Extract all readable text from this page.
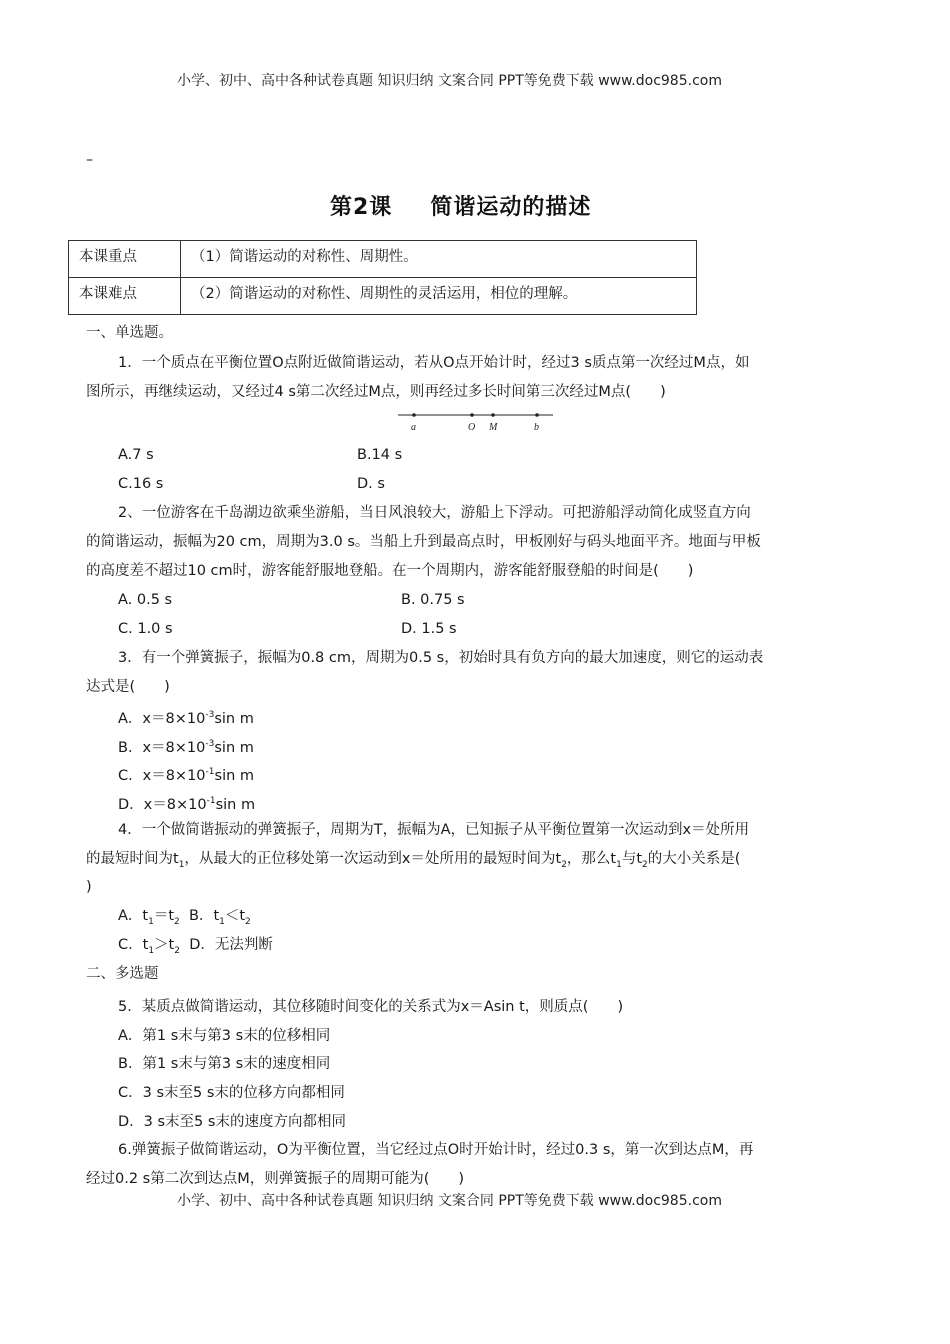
小学、初中、高中各种试卷真题 知识归纳 文案合同 PPT等免费下载 www.doc985.com
–
第2课 简谐运动的描述
本课重点	（1）简谐运动的对称性、周期性。
本课难点	（2）简谐运动的对称性、周期性的灵活运用，相位的理解。
一、单选题。
1．一个质点在平衡位置O点附近做简谐运动，若从O点开始计时，经过3 s质点第一次经过M点，如
图所示，再继续运动，又经过4 s第二次经过M点，则再经过多长时间第三次经过M点(　　)
a	O M	b
A.7 s	B.14 s
C.16 s	D. s
2、一位游客在千岛湖边欲乘坐游船，当日风浪较大，游船上下浮动。可把游船浮动简化成竖直方向
的简谐运动，振幅为20 cm，周期为3.0 s。当船上升到最高点时，甲板刚好与码头地面平齐。地面与甲板
的高度差不超过10 cm时，游客能舒服地登船。在一个周期内，游客能舒服登船的时间是(　　)
A. 0.5 s	B. 0.75 s
C. 1.0 s	D. 1.5 s
3．有一个弹簧振子，振幅为0.8 cm，周期为0.5 s，初始时具有负方向的最大加速度，则它的运动表
达式是(　　)
A．$x=8\times 10^{-3}\sin$ m
B．$x=8\times 10^{-3}\sin$ m
C．$x=8\times 10^{-1}\sin$ m
D．$x=8\times 10^{-1}\sin$ m
4．一个做简谐振动的弹簧振子，周期为T，振幅为A，已知振子从平衡位置第一次运动到x＝处所用
的最短时间为$t_1$，从最大的正位移处第一次运动到x＝处所用的最短时间为$t_2$，那么$t_1$与$t_2$的大小关系是(
)
A．$t_1=t_2$ B．$t_1<t_2$
C．$t_1>t_2$ D．无法判断
二、多选题
5．某质点做简谐运动，其位移随时间变化的关系式为x＝Asin t，则质点(　　)
A．第1 s末与第3 s末的位移相同
B．第1 s末与第3 s末的速度相同
C．3 s末至5 s末的位移方向都相同
D．3 s末至5 s末的速度方向都相同
6.弹簧振子做简谐运动，O为平衡位置，当它经过点O时开始计时，经过0.3 s，第一次到达点M，再
经过0.2 s第二次到达点M，则弹簧振子的周期可能为(　　)
小学、初中、高中各种试卷真题 知识归纳 文案合同 PPT等免费下载 www.doc985.com
